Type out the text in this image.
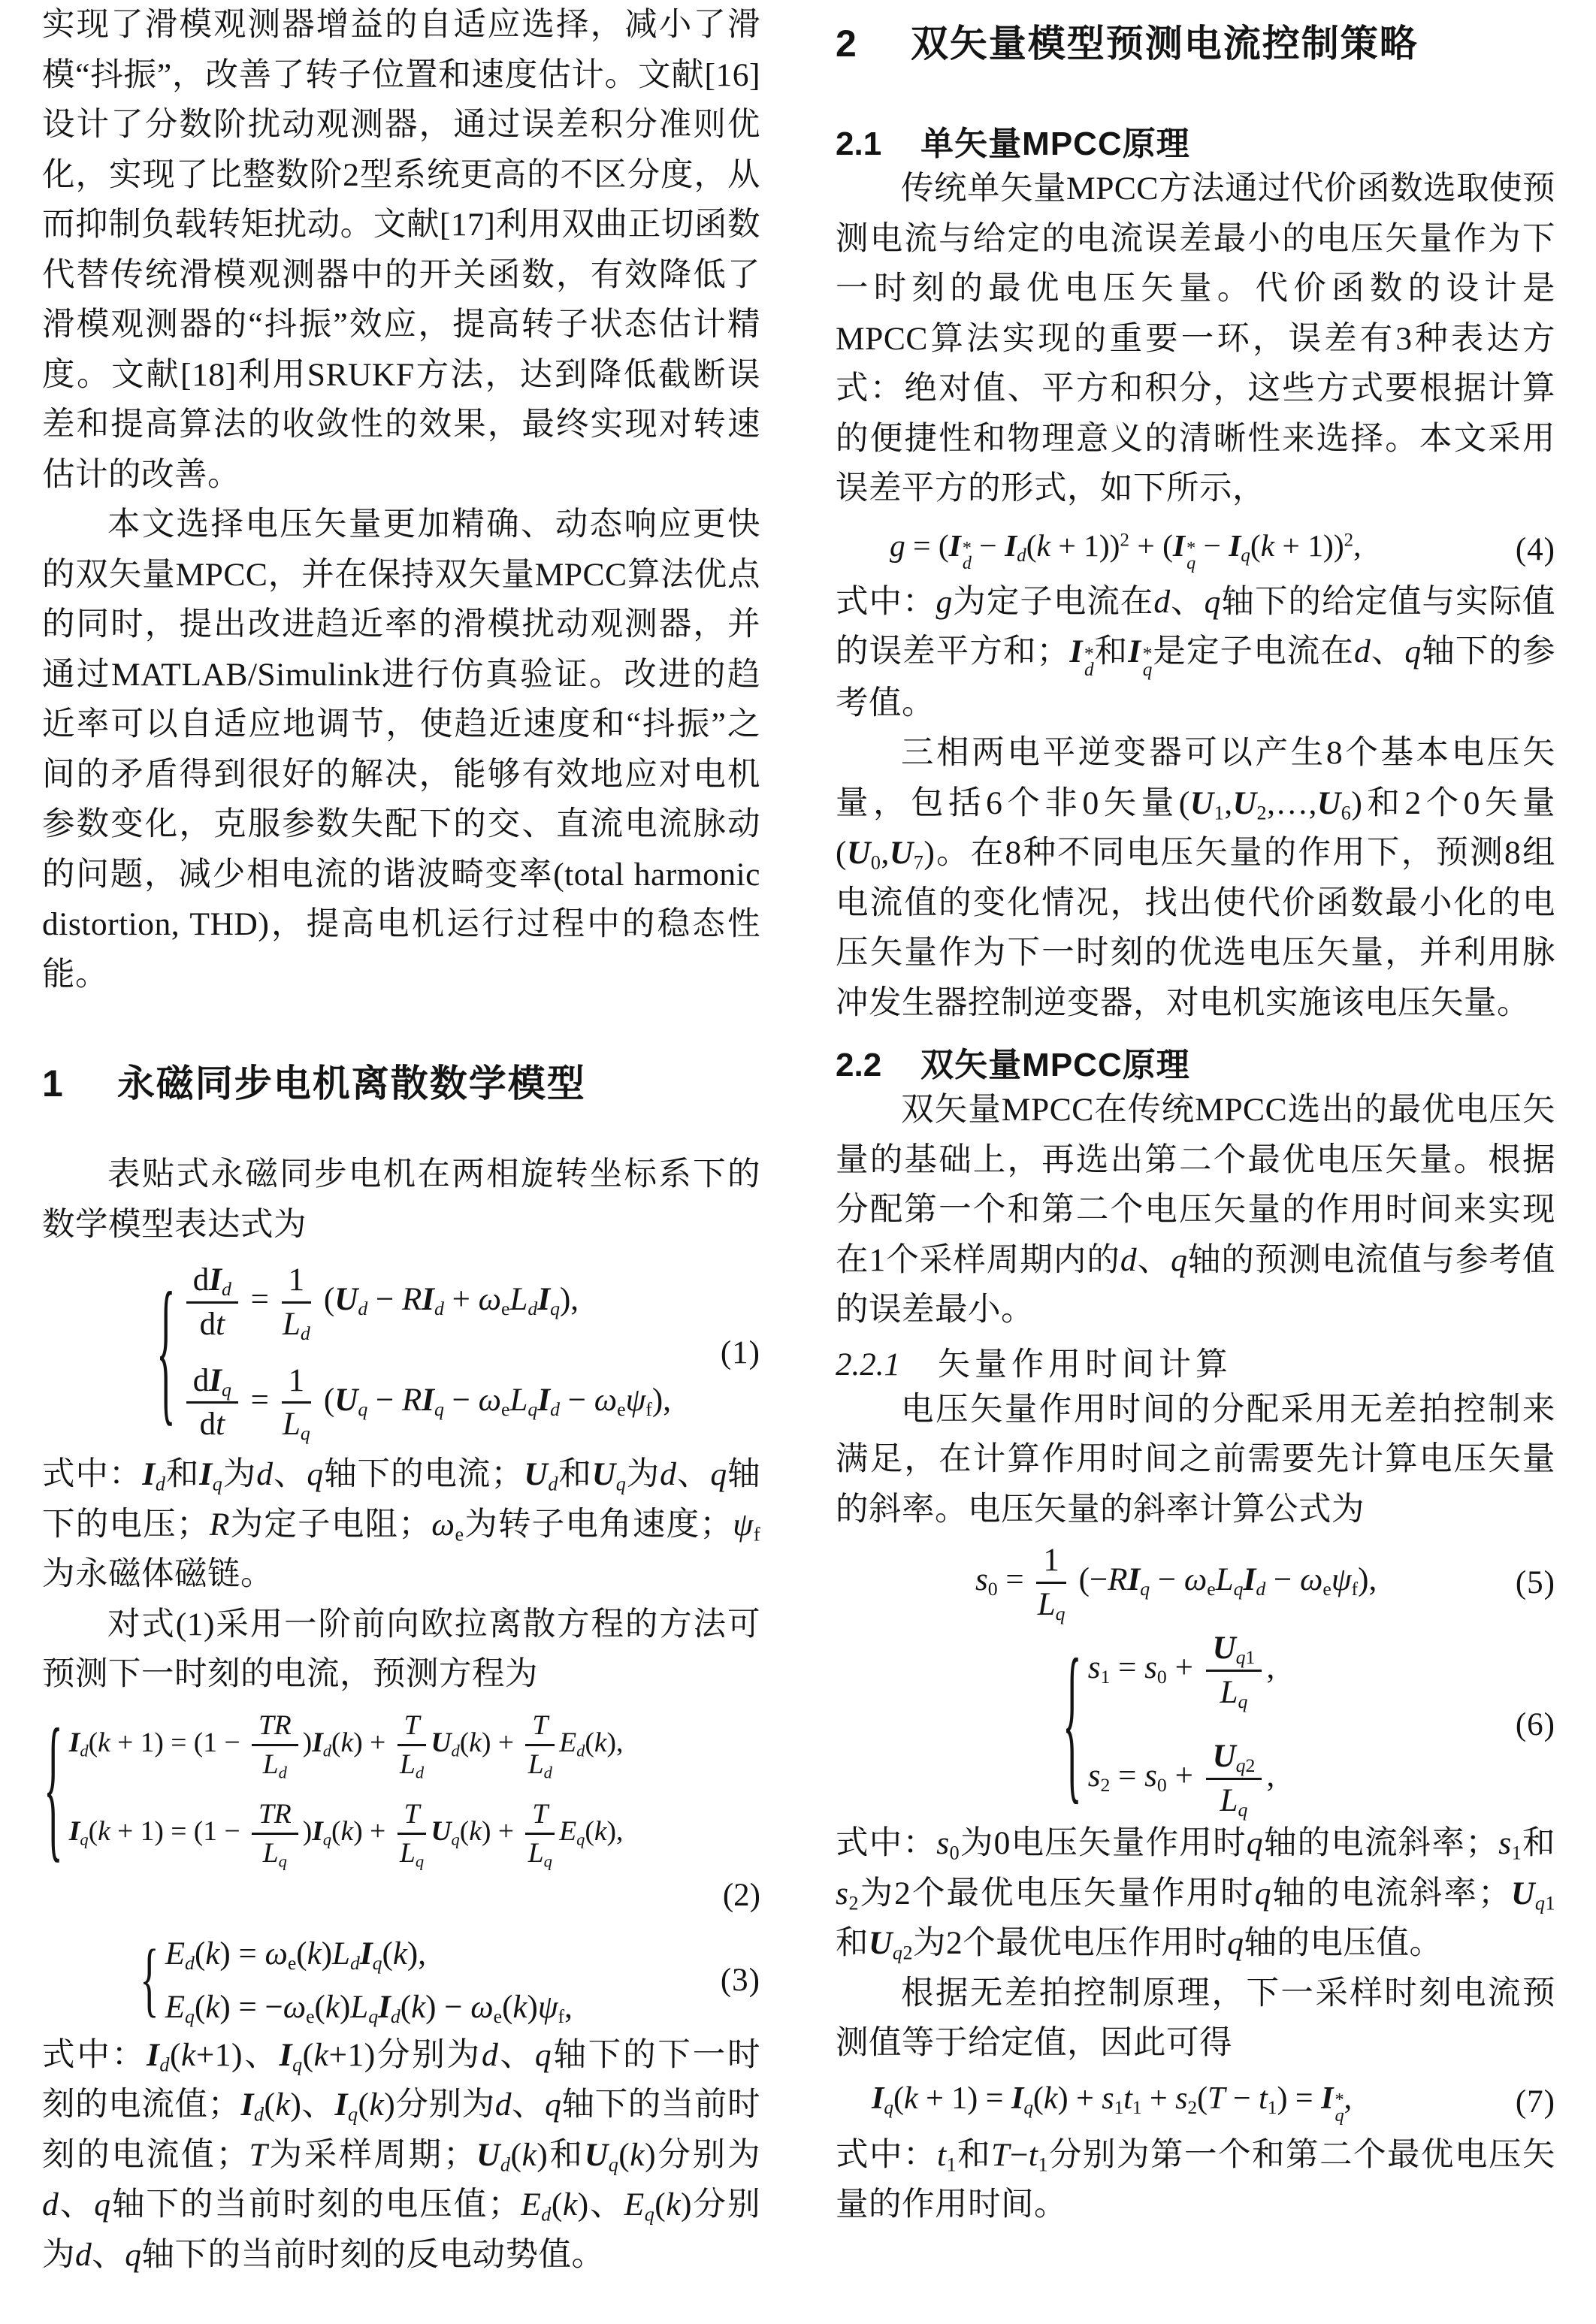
实现了滑模观测器增益的自适应选择，减小了滑模“抖振”，改善了转子位置和速度估计。文献[16]设计了分数阶扰动观测器，通过误差积分准则优化，实现了比整数阶2型系统更高的不区分度，从而抑制负载转矩扰动。文献[17]利用双曲正切函数代替传统滑模观测器中的开关函数，有效降低了滑模观测器的“抖振”效应，提高转子状态估计精度。文献[18]利用SRUKF方法，达到降低截断误差和提高算法的收敛性的效果，最终实现对转速估计的改善。

本文选择电压矢量更加精确、动态响应更快的双矢量MPCC，并在保持双矢量MPCC算法优点的同时，提出改进趋近率的滑模扰动观测器，并通过MATLAB/Simulink进行仿真验证。改进的趋近率可以自适应地调节，使趋近速度和“抖振”之间的矛盾得到很好的解决，能够有效地应对电机参数变化，克服参数失配下的交、直流电流脉动的问题，减少相电流的谐波畸变率(total harmonic distortion, THD)，提高电机运行过程中的稳态性能。

1 永磁同步电机离散数学模型

表贴式永磁同步电机在两相旋转坐标系下的数学模型表达式为

{ $dI_d$
dt
= $\frac{1}{L_d} (U_d - RI_d + \omega_eL_dI_q)$,
$dI_q$
dt
= $\frac{1}{L_q} (U_q - RI_q - \omega_eL_qI_d - \omega_e\psi_f)$,
(1)

式中：$I_d$和$I_q$为d、q轴下的电流；$U_d$和$U_q$为d、q轴下的电压；R为定子电阻；$\omega_e$为转子电角速度；$\psi_f$为永磁体磁链。

对式(1)采用一阶前向欧拉离散方程的方法可预测下一时刻的电流，预测方程为

{ $I_d(k + 1) = (1 - \frac{TR}{L_d} )I_d(k) + \frac{T}{L_d} U_d(k) + \frac{T}{L_d} E_d(k)$,
$I_q(k + 1) = (1 - \frac{TR}{L_q} )I_q(k) + \frac{T}{L_q} U_q(k) + \frac{T}{L_q} E_q(k)$,
(2)
{ $E_d(k) = \omega_e(k)L_dI_q(k)$,
$E_q(k) = -\omega_e(k)L_qI_d(k) - \omega_e(k)\psi_f$,
(3)

式中：$I_d(k+1)$、$I_q(k+1)$分别为d、q轴下的下一时刻的电流值；$I_d(k)$、$I_q(k)$分别为d、q轴下的当前时刻的电流值；T为采样周期；$U_d(k)$和$U_q(k)$分别为d、q轴下的当前时刻的电压值；$E_d(k)$、$E_q(k)$分别为d、q轴下的当前时刻的反电动势值。

2 双矢量模型预测电流控制策略
2.1 单矢量MPCC原理

传统单矢量MPCC方法通过代价函数选取使预测电流与给定的电流误差最小的电压矢量作为下一时刻的最优电压矢量。代价函数的设计是MPCC算法实现的重要一环，误差有3种表达方式：绝对值、平方和积分，这些方式要根据计算的便捷性和物理意义的清晰性来选择。本文采用误差平方的形式，如下所示，

g = (I *
d
− $I_d(k + 1))^2 + (I$ *
q
− $I_q(k + 1))^2$,	(4)

式中：g为定子电流在d、q轴下的给定值与实际值的误差平方和；I *
d
和I *
q
是定子电流在d、q轴下的参考值。

三相两电平逆变器可以产生8个基本电压矢量，包括6个非0矢量$(U_1,U_2,\dots,U_6)$和2个0矢量$(U_0,U_7)$。在8种不同电压矢量的作用下，预测8组电流值的变化情况，找出使代价函数最小化的电压矢量作为下一时刻的优选电压矢量，并利用脉冲发生器控制逆变器，对电机实施该电压矢量。

2.2 双矢量MPCC原理

双矢量MPCC在传统MPCC选出的最优电压矢量的基础上，再选出第二个最优电压矢量。根据分配第一个和第二个电压矢量的作用时间来实现在1个采样周期内的d、q轴的预测电流值与参考值的误差最小。

2.2.1 矢量作用时间计算

电压矢量作用时间的分配采用无差拍控制来满足，在计算作用时间之前需要先计算电压矢量的斜率。电压矢量的斜率计算公式为

$s_0 = \frac{1}{L_q} (-RI_q - \omega_eL_qI_d - \omega_e\psi_f)$,	(5)
{ $s_1 = s_0 + \frac{U_{q1}}{L_q}$ ,
$s_2 = s_0 + \frac{U_{q2}}{L_q}$ ,
(6)

式中：$s_0$为0电压矢量作用时q轴的电流斜率；$s_1$和$s_2$为2个最优电压矢量作用时q轴的电流斜率；$U_{q1}$和$U_{q2}$为2个最优电压作用时q轴的电压值。

根据无差拍控制原理，下一采样时刻电流预测值等于给定值，因此可得

$I_q(k + 1) = I_q(k) + s_1t_1 + s_2(T - t_1) = I$ *
q
,	(7)

式中：$t_1$和$T-t_1$分别为第一个和第二个最优电压矢量的作用时间。
